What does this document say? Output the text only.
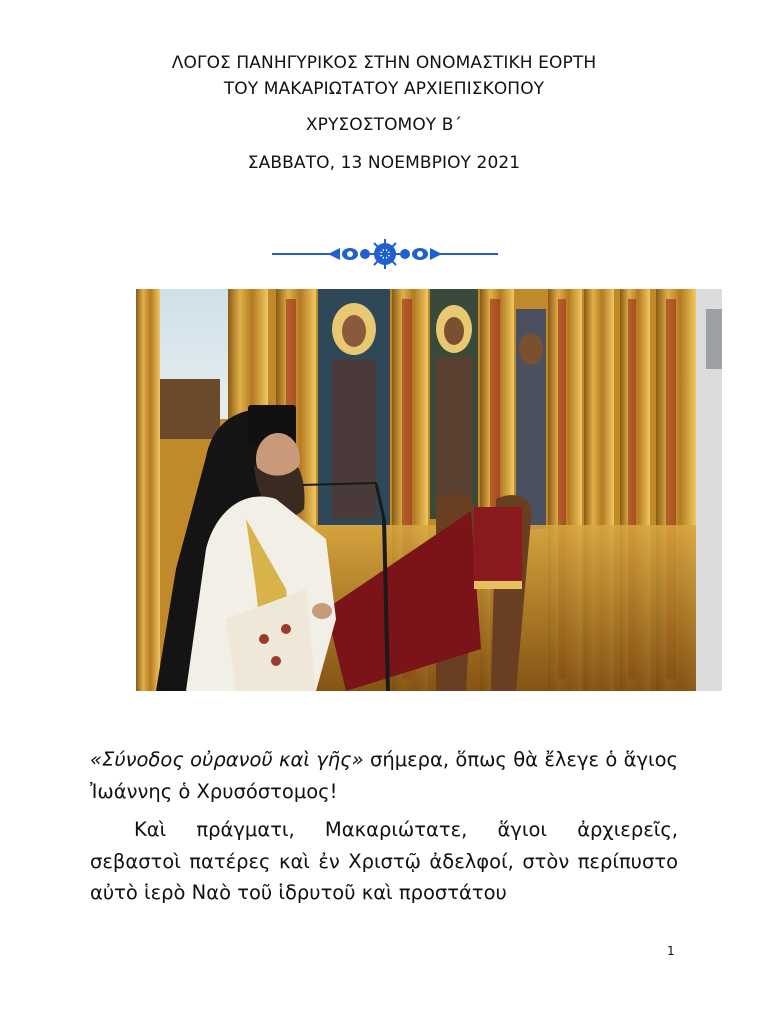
ΛΟΓΟΣ ΠΑΝΗΓΥΡΙΚΟΣ ΣΤΗΝ ΟΝΟΜΑΣΤΙΚΗ ΕΟΡΤΗ
ΤΟΥ ΜΑΚΑΡΙΩΤΑΤΟΥ ΑΡΧΙΕΠΙΣΚΟΠΟΥ
ΧΡΥΣΟΣΤΟΜΟΥ Β΄
ΣΑΒΒΑΤΟ, 13 ΝΟΕΜΒΡΙΟΥ 2021

«Σύνοδος οὐρανοῦ καὶ γῆς» σήμερα, ὅπως θὰ ἔλεγε ὁ ἅγιος Ἰωάννης ὁ Χρυσόστομος!

Καὶ πράγματι, Μακαριώτατε, ἅγιοι ἀρχιερεῖς, σεβαστοὶ πατέρες καὶ ἐν Χριστῷ ἀδελφοί, στὸν περίπυστο αὐτὸ ἱερὸ Ναὸ τοῦ ἱδρυτοῦ καὶ προστάτου

1
